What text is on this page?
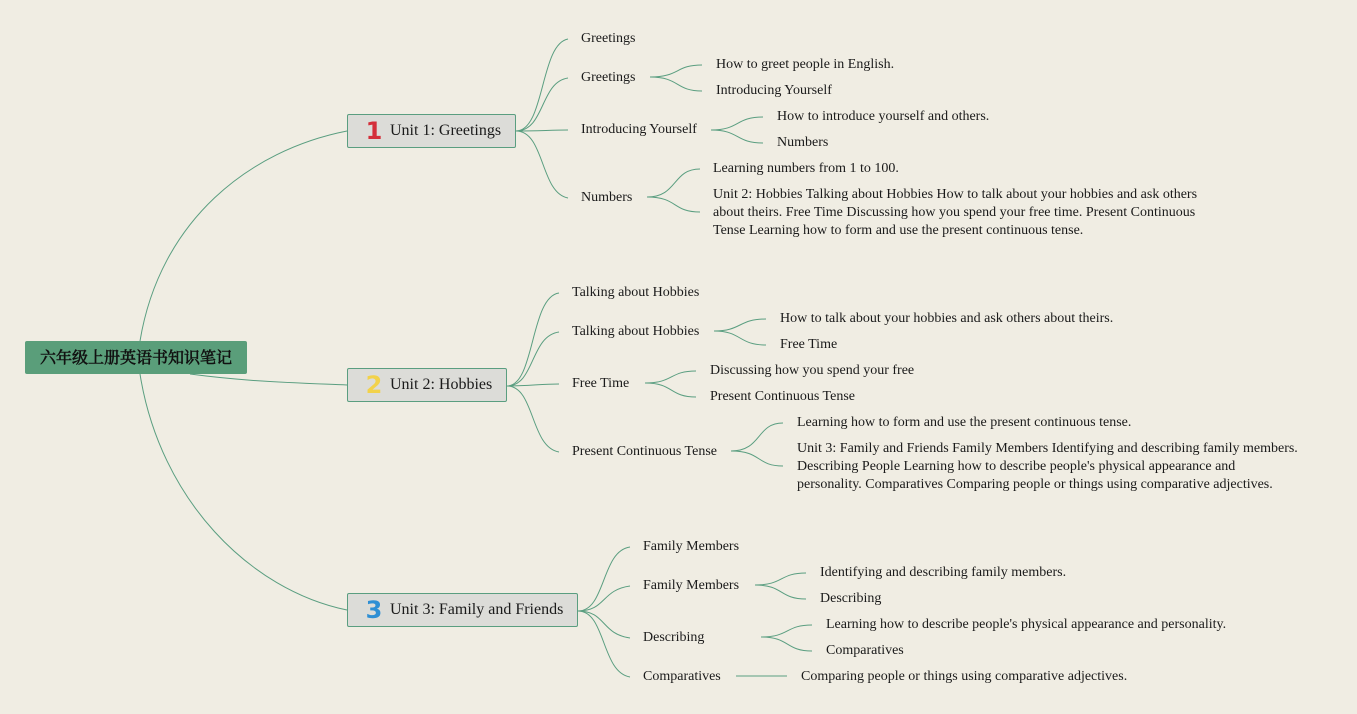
六年级上册英语书知识笔记
1 Unit 1: Greetings
Greetings
Greetings
How to greet people in English.
Introducing Yourself
Introducing Yourself
How to introduce yourself and others.
Numbers
Numbers
Learning numbers from 1 to 100.
Unit 2: Hobbies Talking about Hobbies How to talk about your hobbies and ask others about theirs. Free Time Discussing how you spend your free time. Present Continuous Tense Learning how to form and use the present continuous tense.
2 Unit 2: Hobbies
Talking about Hobbies
Talking about Hobbies
How to talk about your hobbies and ask others about theirs.
Free Time
Free Time
Discussing how you spend your free
Present Continuous Tense
Present Continuous Tense
Learning how to form and use the present continuous tense.
Unit 3: Family and Friends Family Members Identifying and describing family members. Describing People Learning how to describe people's physical appearance and personality. Comparatives Comparing people or things using comparative adjectives.
3 Unit 3: Family and Friends
Family Members
Family Members
Identifying and describing family members.
Describing
Describing
Learning how to describe people's physical appearance and personality.
Comparatives
Comparatives	Comparing people or things using comparative adjectives.
